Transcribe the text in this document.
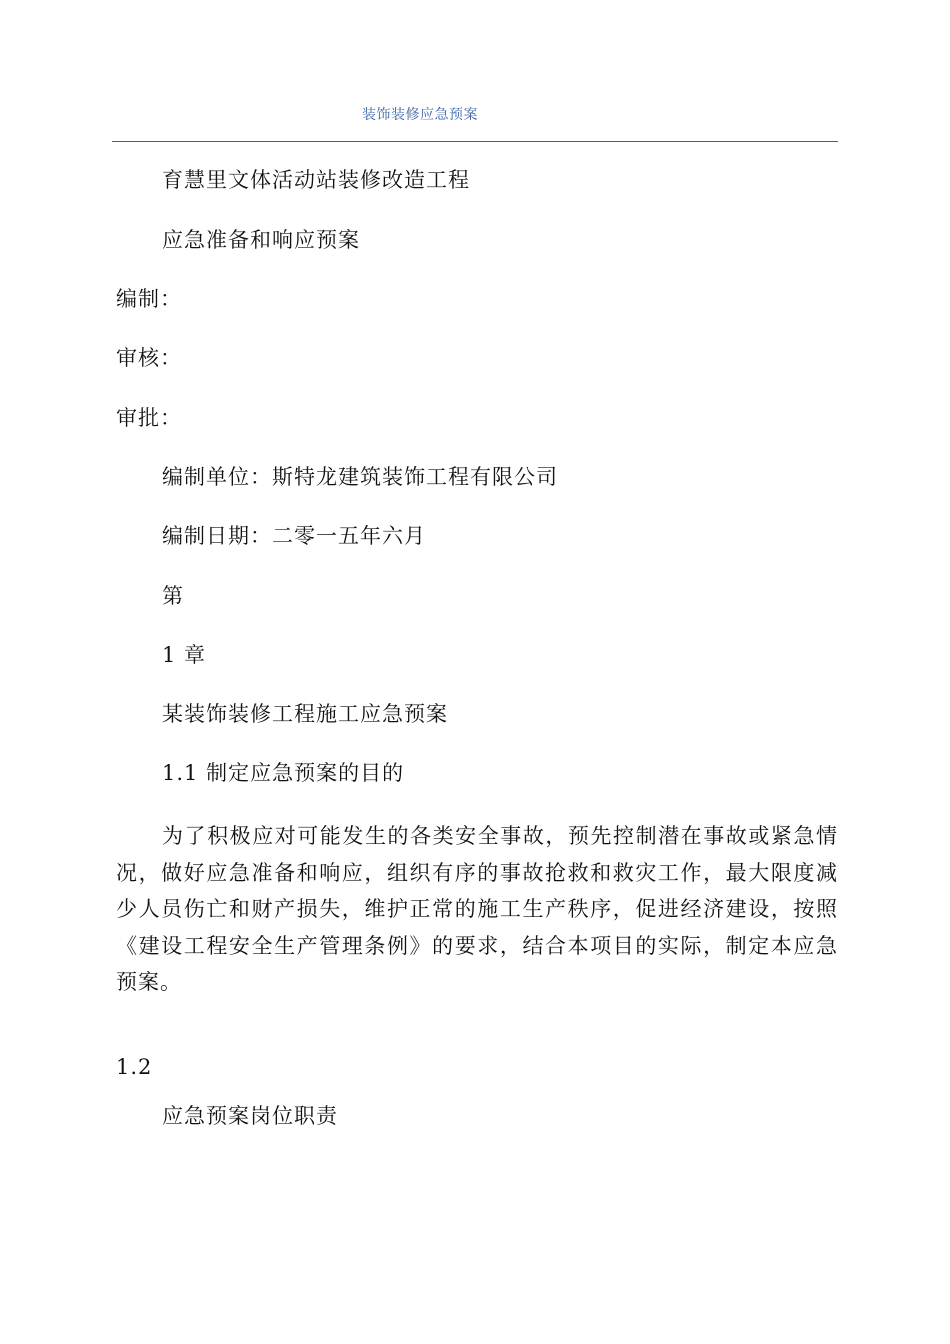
装饰装修应急预案
育慧里文体活动站装修改造工程
应急准备和响应预案
编制：
审核：
审批：
编制单位：斯特龙建筑装饰工程有限公司
编制日期：二零一五年六月
第
1 章
某装饰装修工程施工应急预案
1.1 制定应急预案的目的
为了积极应对可能发生的各类安全事故，预先控制潜在事故或紧急情况，做好应急准备和响应，组织有序的事故抢救和救灾工作，最大限度减少人员伤亡和财产损失，维护正常的施工生产秩序，促进经济建设，按照《建设工程安全生产管理条例》的要求，结合本项目的实际，制定本应急预案。
1.2
应急预案岗位职责
